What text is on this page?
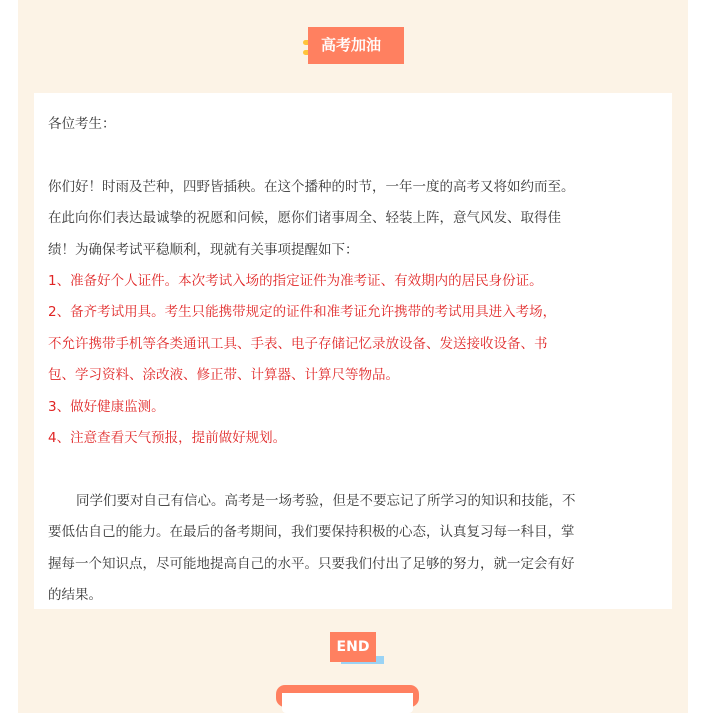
高考加油

各位考生：

你们好！时雨及芒种，四野皆插秧。在这个播种的时节，一年一度的高考又将如约而至。

在此向你们表达最诚挚的祝愿和问候，愿你们诸事周全、轻装上阵，意气风发、取得佳

绩！为确保考试平稳顺利，现就有关事项提醒如下：

1、准备好个人证件。本次考试入场的指定证件为准考证、有效期内的居民身份证。

2、备齐考试用具。考生只能携带规定的证件和准考证允许携带的考试用具进入考场，

不允许携带手机等各类通讯工具、手表、电子存储记忆录放设备、发送接收设备、书

包、学习资料、涂改液、修正带、计算器、计算尺等物品。

3、做好健康监测。

4、注意查看天气预报，提前做好规划。

同学们要对自己有信心。高考是一场考验，但是不要忘记了所学习的知识和技能，不

要低估自己的能力。在最后的备考期间，我们要保持积极的心态，认真复习每一科目，掌

握每一个知识点，尽可能地提高自己的水平。只要我们付出了足够的努力，就一定会有好

的结果。

END
